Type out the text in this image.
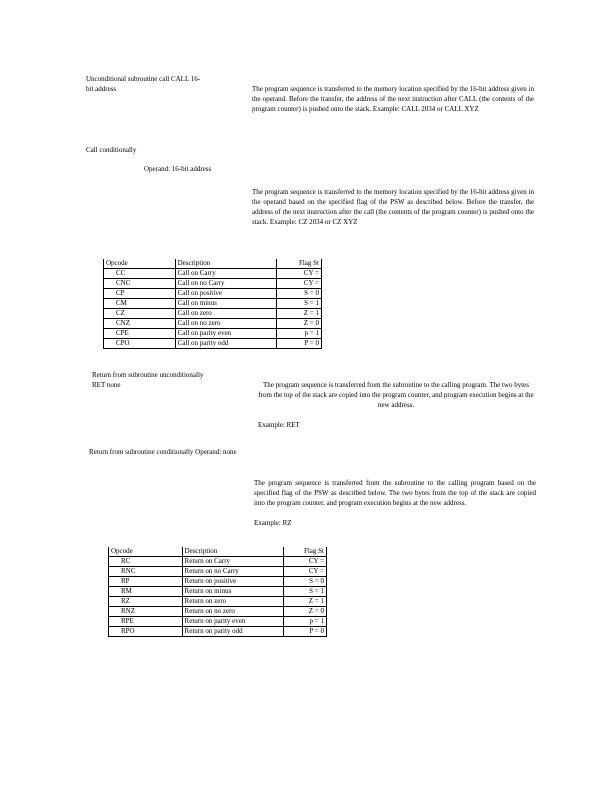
Unconditional subroutine call CALL 16-
bit address	The program sequence is transferred to the memory location specified by the 16-bit address given in the operand. Before the transfer, the address of the next instruction after CALL (the contents of the program counter) is pushed onto the stack. Example: CALL 2034 or CALL XYZ
Call conditionally
Operand: 16-bit address
The program sequence is transferred to the memory location specified by the 16-bit address given in the operand based on the specified flag of the PSW as described below. Before the transfer, the address of the next instruction after the call (the contents of the program counter) is pushed onto the stack. Example: CZ 2034 or CZ XYZ
Opcode	Description	Flag St
CC	Call on Carry	CY =
CNC	Call on no Carry	CY =
CP	Call on positive	S = 0
CM	Call on minus	S = 1
CZ	Call on zero	Z = 1
CNZ	Call on no zero	Z = 0
CPE	Call on parity even	p = 1
CPO	Call on parity odd	P = 0
Return from subroutine unconditionally
RET none	The program sequence is transferred from the subroutine to the calling program. The two bytes from the top of the stack are copied into the program counter, and program execution begins at the new address.
Example: RET
Return from subroutine conditionally Operand: none
The program sequence is transferred from the subroutine to the calling program based on the specified flag of the PSW as described below. The two bytes from the top of the stack are copied into the program counter, and program execution begins at the new address.
Example: RZ
Opcode	Description	Flag St
RC	Return on Carry	CY =
RNC	Return on no Carry	CY =
RP	Return on positive	S = 0
RM	Return on minus	S = 1
RZ	Return on zero	Z = 1
RNZ	Return on no zero	Z = 0
RPE	Return on parity even	p = 1
RPO	Return on parity odd	P = 0
